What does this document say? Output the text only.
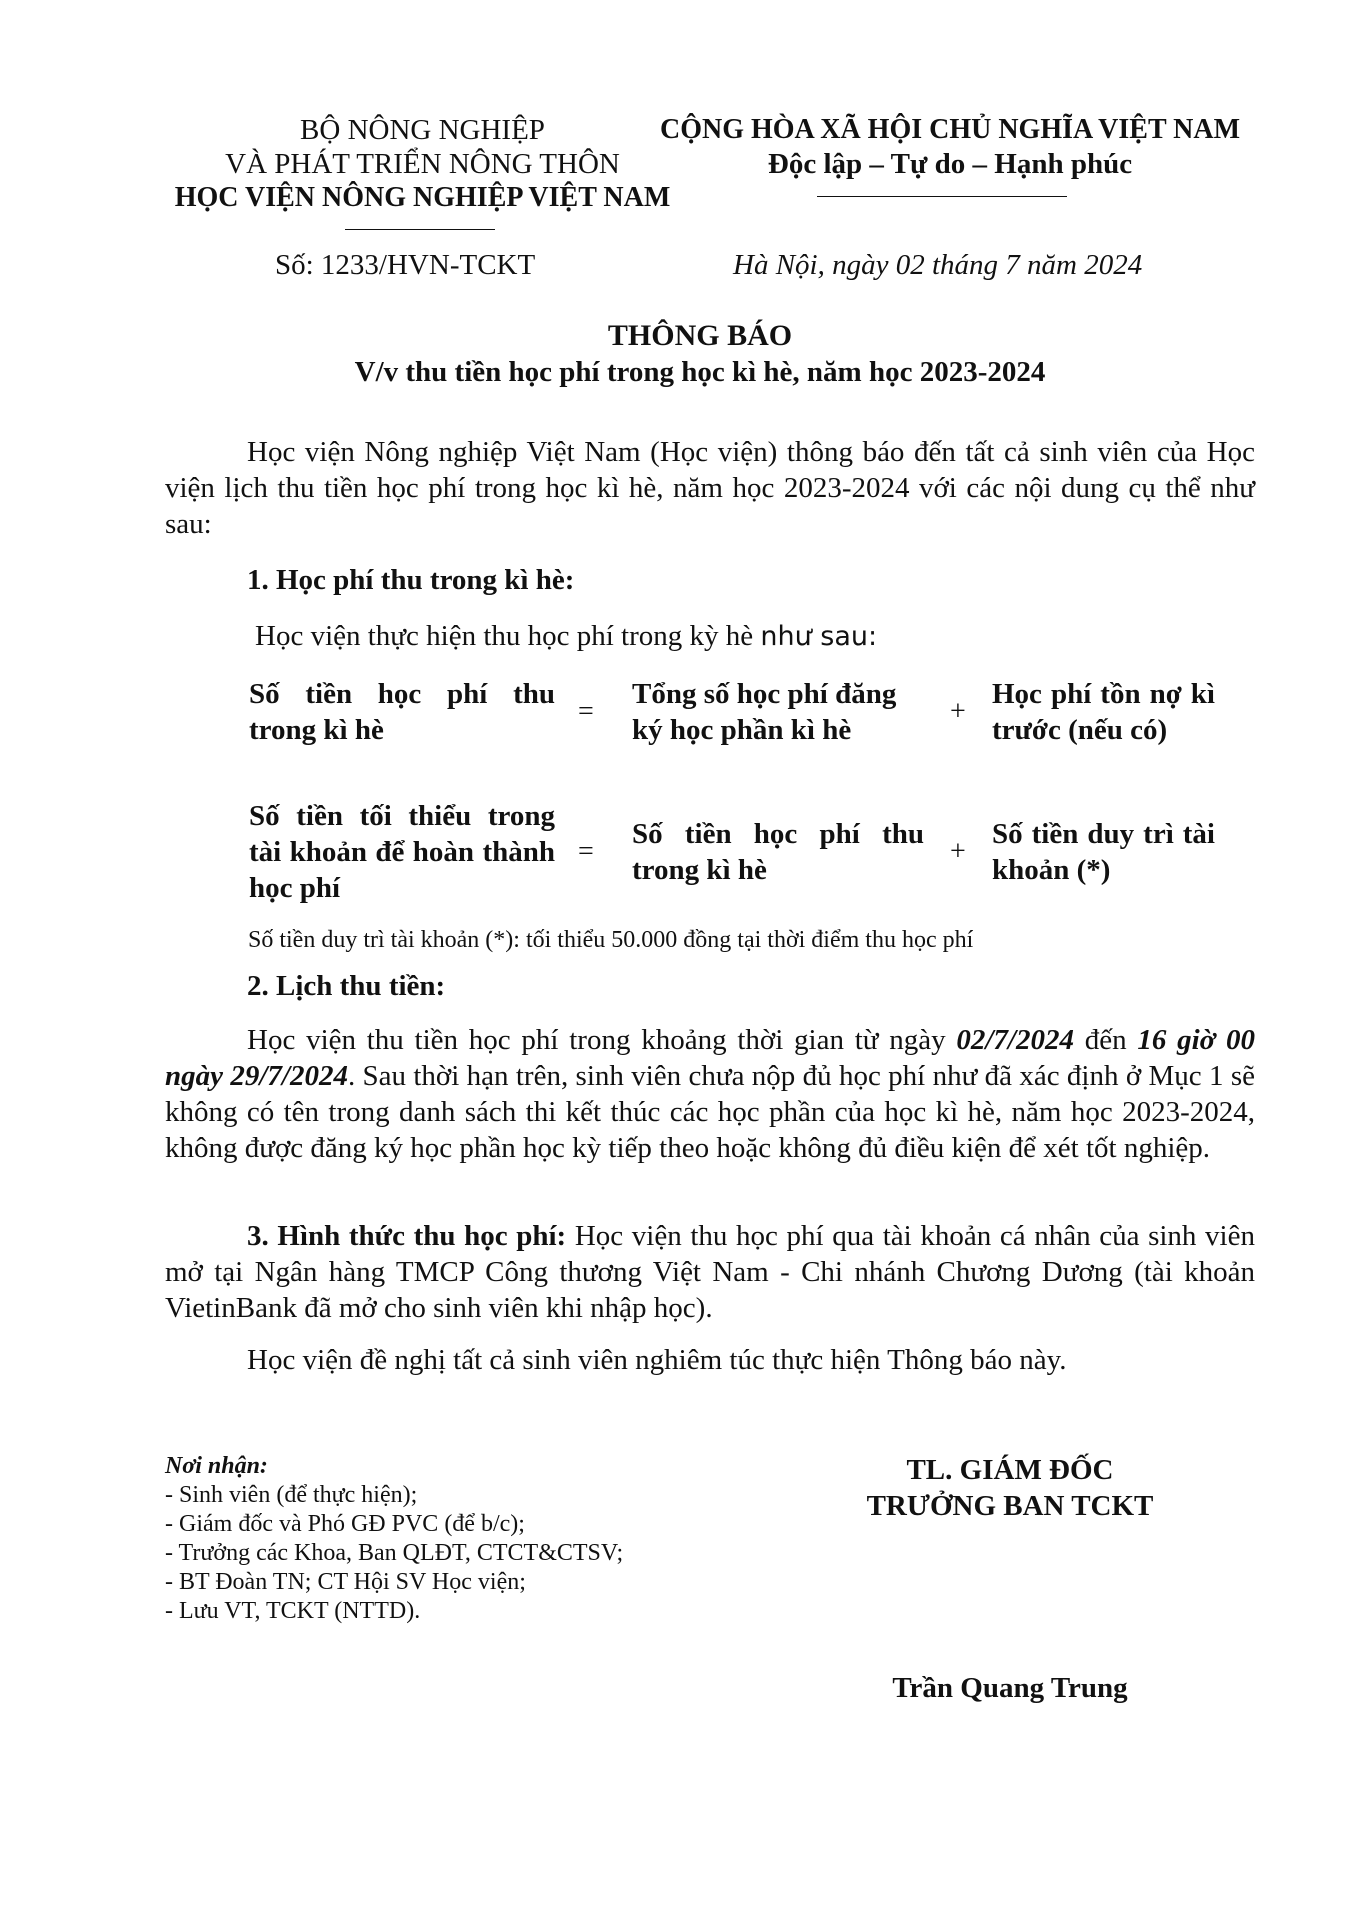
BỘ NÔNG NGHIỆP
VÀ PHÁT TRIỂN NÔNG THÔN
HỌC VIỆN NÔNG NGHIỆP VIỆT NAM
CỘNG HÒA XÃ HỘI CHỦ NGHĨA VIỆT NAM
Độc lập – Tự do – Hạnh phúc
Số: 1233/HVN-TCKT	Hà Nội, ngày 02 tháng 7 năm 2024
THÔNG BÁO
V/v thu tiền học phí trong học kì hè, năm học 2023-2024
Học viện Nông nghiệp Việt Nam (Học viện) thông báo đến tất cả sinh viên của Học viện lịch thu tiền học phí trong học kì hè, năm học 2023-2024 với các nội dung cụ thể như sau:
1. Học phí thu trong kì hè:
Học viện thực hiện thu học phí trong kỳ hè như sau:
Số tiền học phí thu trong kì hè
=
Tổng số học phí đăng ký học phần kì hè
+
Học phí tồn nợ kì trước (nếu có)
Số tiền tối thiểu trong tài khoản để hoàn thành học phí
=
Số tiền học phí thu trong kì hè
+
Số tiền duy trì tài khoản (*)
Số tiền duy trì tài khoản (*): tối thiểu 50.000 đồng tại thời điểm thu học phí
2. Lịch thu tiền:
Học viện thu tiền học phí trong khoảng thời gian từ ngày 02/7/2024 đến 16 giờ 00 ngày 29/7/2024. Sau thời hạn trên, sinh viên chưa nộp đủ học phí như đã xác định ở Mục 1 sẽ không có tên trong danh sách thi kết thúc các học phần của học kì hè, năm học 2023-2024, không được đăng ký học phần học kỳ tiếp theo hoặc không đủ điều kiện để xét tốt nghiệp.
3. Hình thức thu học phí: Học viện thu học phí qua tài khoản cá nhân của sinh viên mở tại Ngân hàng TMCP Công thương Việt Nam - Chi nhánh Chương Dương (tài khoản VietinBank đã mở cho sinh viên khi nhập học).
Học viện đề nghị tất cả sinh viên nghiêm túc thực hiện Thông báo này.
Nơi nhận:
- Sinh viên (để thực hiện);
- Giám đốc và Phó GĐ PVC (để b/c);
- Trưởng các Khoa, Ban QLĐT, CTCT&CTSV;
- BT Đoàn TN; CT Hội SV Học viện;
- Lưu VT, TCKT (NTTD).
TL. GIÁM ĐỐC
TRƯỞNG BAN TCKT
Trần Quang Trung
